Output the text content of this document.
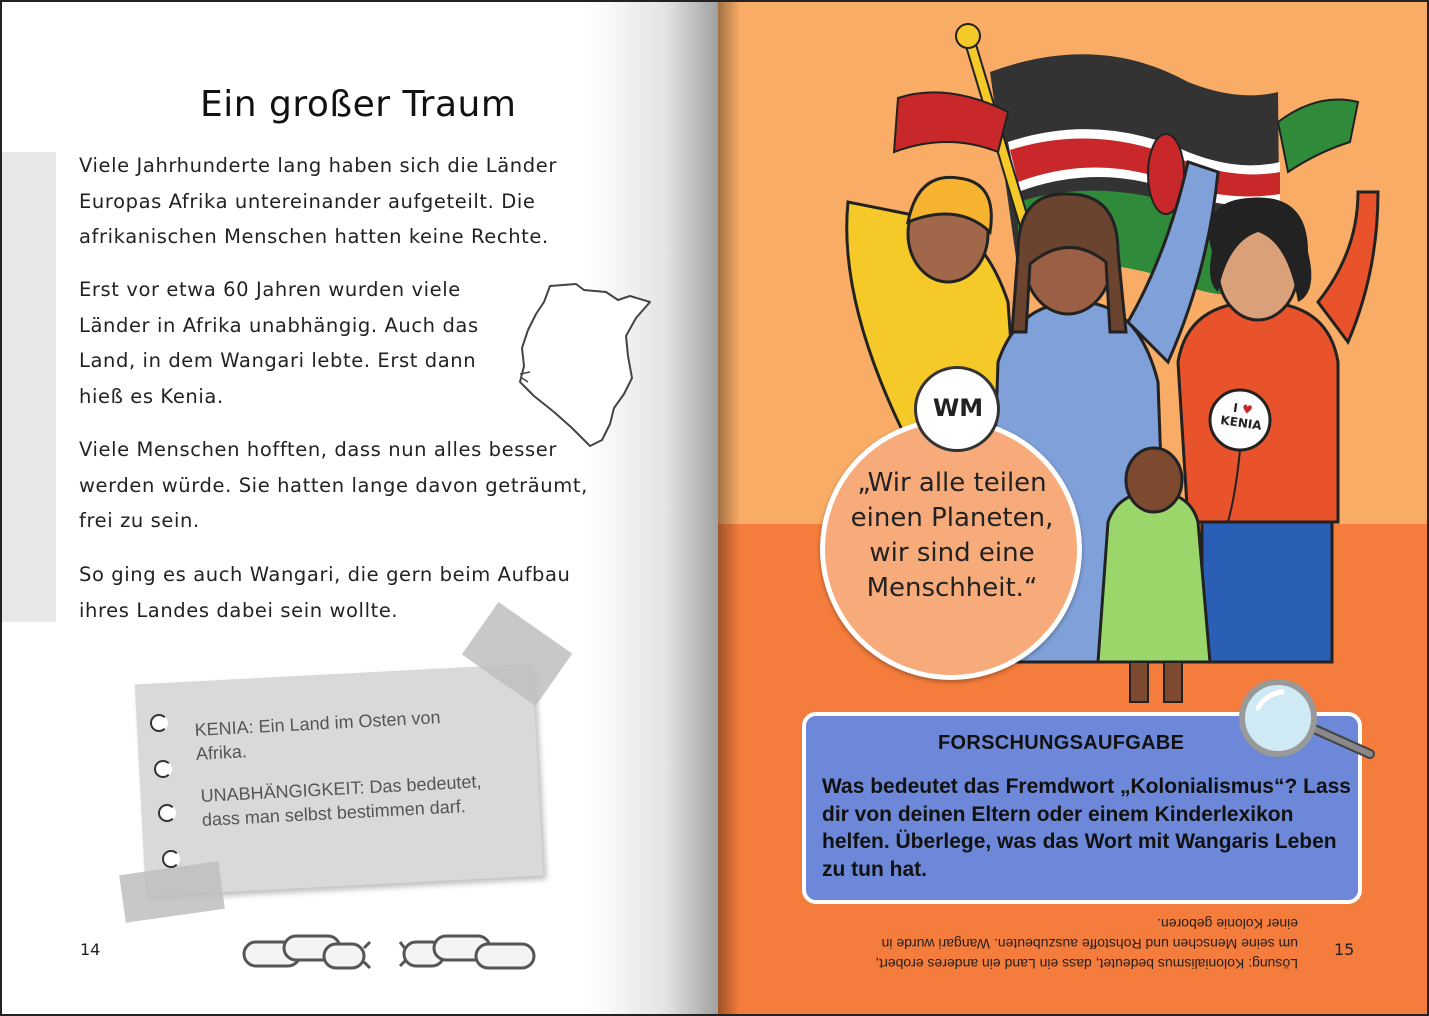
Ein großer Traum
Viele Jahrhunderte lang haben sich die Länder Europas Afrika untereinander aufgeteilt. Die afrikanischen Menschen hatten keine Rechte.
Erst vor etwa 60 Jahren wurden viele Länder in Afrika unabhängig. Auch das Land, in dem Wangari lebte. Erst dann hieß es Kenia.
Viele Menschen hofften, dass nun alles besser werden würde. Sie hatten lange davon geträumt, frei zu sein.
So ging es auch Wangari, die gern beim Aufbau ihres Landes dabei sein wollte.
KENIA: Ein Land im Osten von Afrika.
UNABHÄNGIGKEIT: Das bedeutet, dass man selbst bestimmen darf.
14
I ♥
KENIA
„Wir alle teilen einen Planeten, wir sind eine Menschheit.“
WM
FORSCHUNGSAUFGABE
Was bedeutet das Fremdwort „Kolonialismus“? Lass dir von deinen Eltern oder einem Kinderlexikon helfen. Überlege, was das Wort mit Wangaris Leben zu tun hat.
Lösung: Kolonialismus bedeutet, dass ein Land ein anderes erobert, um seine Menschen und Rohstoffe auszubeuten. Wangari wurde in einer Kolonie geboren.
15
